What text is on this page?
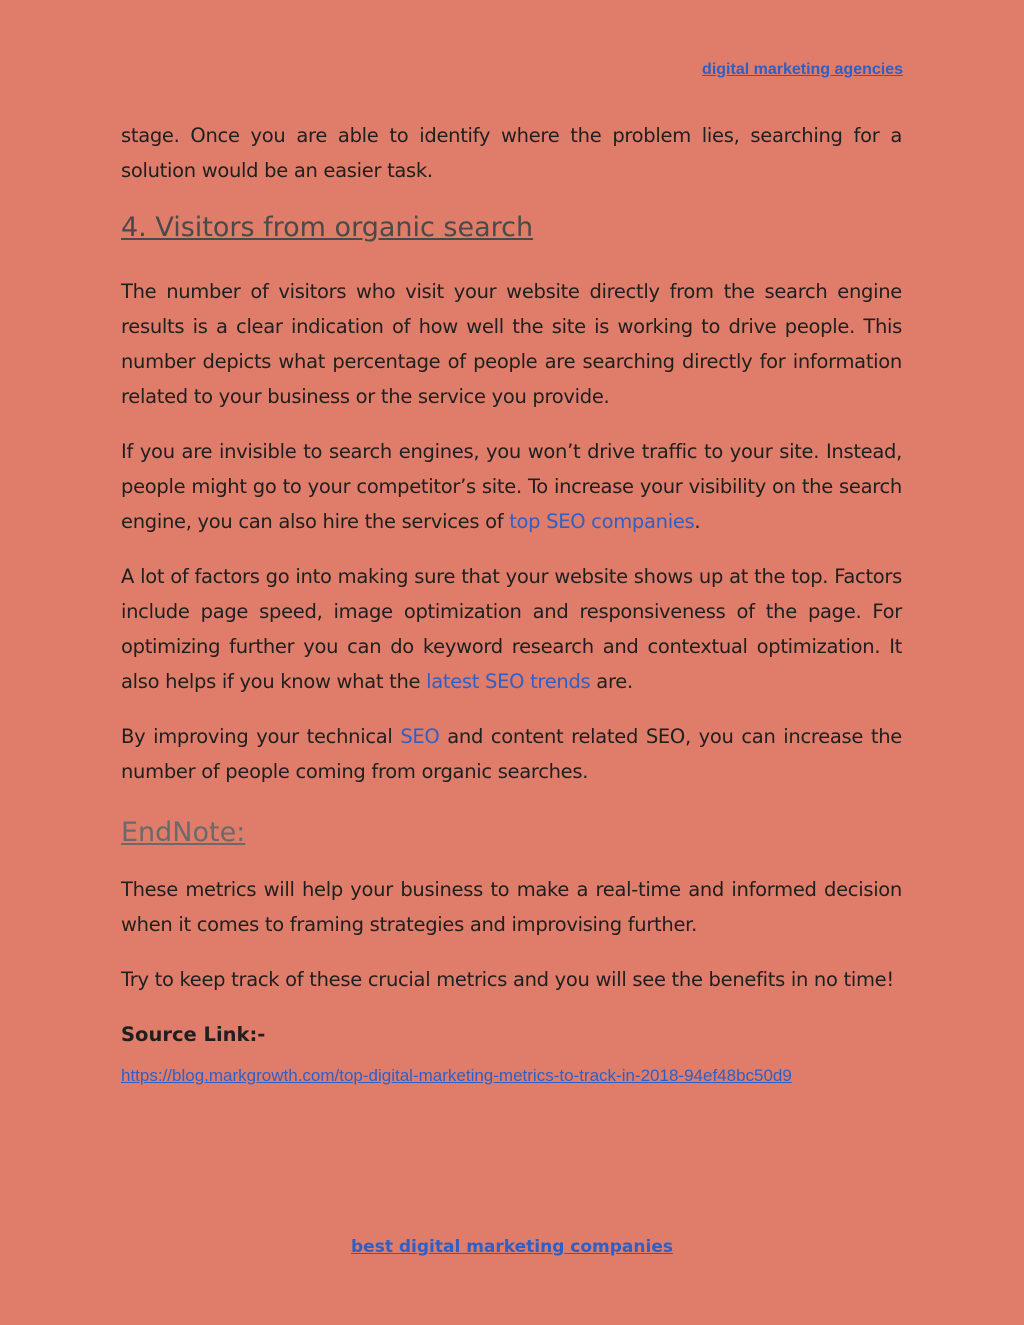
digital marketing agencies

stage. Once you are able to identify where the problem lies, searching for a solution would be an easier task.

4. Visitors from organic search

The number of visitors who visit your website directly from the search engine results is a clear indication of how well the site is working to drive people. This number depicts what percentage of people are searching directly for information related to your business or the service you provide.

If you are invisible to search engines, you won’t drive traffic to your site. Instead, people might go to your competitor’s site. To increase your visibility on the search engine, you can also hire the services of top SEO companies.

A lot of factors go into making sure that your website shows up at the top. Factors include page speed, image optimization and responsiveness of the page. For optimizing further you can do keyword research and contextual optimization. It also helps if you know what the latest SEO trends are.

By improving your technical SEO and content related SEO, you can increase the number of people coming from organic searches.

EndNote:

These metrics will help your business to make a real-time and informed decision when it comes to framing strategies and improvising further.

Try to keep track of these crucial metrics and you will see the benefits in no time!

Source Link:-
https://blog.markgrowth.com/top-digital-marketing-metrics-to-track-in-2018-94ef48bc50d9
best digital marketing companies
